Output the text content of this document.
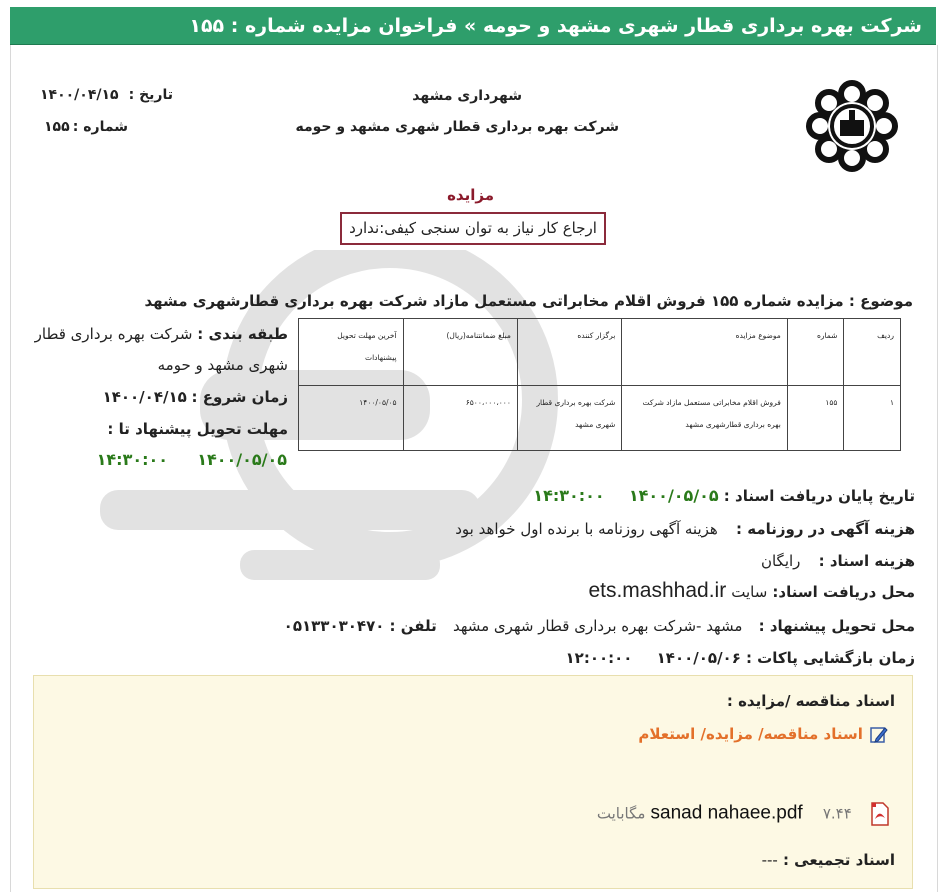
شرکت بهره برداری قطار شهری مشهد و حومه » فراخوان مزایده شماره : ۱۵۵
شهرداری مشهد
شرکت بهره برداری قطار شهری مشهد و حومه
تاریخ :
۱۴۰۰/۰۴/۱۵
شماره :
۱۵۵
مزایده
ارجاع کار نیاز به توان سنجی کیفی:ندارد
موضوع : مزایده شماره ۱۵۵ فروش اقلام مخابراتی مستعمل مازاد شرکت بهره برداری قطارشهری مشهد
ردیف	شماره	موضوع مزایده	برگزار کننده	مبلغ ضمانتنامه(ریال)	آخرین مهلت تحویل پیشنهادات
۱	۱۵۵	فروش اقلام مخابراتی مستعمل مازاد شرکت بهره برداری قطارشهری مشهد	شرکت بهره برداری قطار شهری مشهد	۶۵۰۰،۰۰۰،۰۰۰	۱۴۰۰/۰۵/۰۵
طبقه بندی : شرکت بهره برداری قطار
شهری مشهد و حومه
زمان شروع : ۱۴۰۰/۰۴/۱۵
مهلت تحویل پیشنهاد تا :
۱۴۰۰/۰۵/۰۵  ۱۴:۳۰:۰۰
تاریخ پایان دریافت اسناد : ۱۴۰۰/۰۵/۰۵  ۱۴:۳۰:۰۰
هزینه آگهی در روزنامه :  هزینه آگهی روزنامه با برنده اول خواهد بود
هزینه اسناد :  رایگان
محل دریافت اسناد: سایت ets.mashhad.ir
محل تحویل پیشنهاد :  مشهد -شرکت بهره برداری قطار شهری مشهد  تلفن : ۰۵۱۳۳۰۳۰۴۷۰
زمان بازگشایی پاکات : ۱۴۰۰/۰۵/۰۶  ۱۲:۰۰:۰۰
اسناد مناقصه /مزایده :
اسناد مناقصه/ مزایده/ استعلام
sanad nahaee.pdf ۷.۴۴ مگابایت
اسناد تجمیعی : ---
